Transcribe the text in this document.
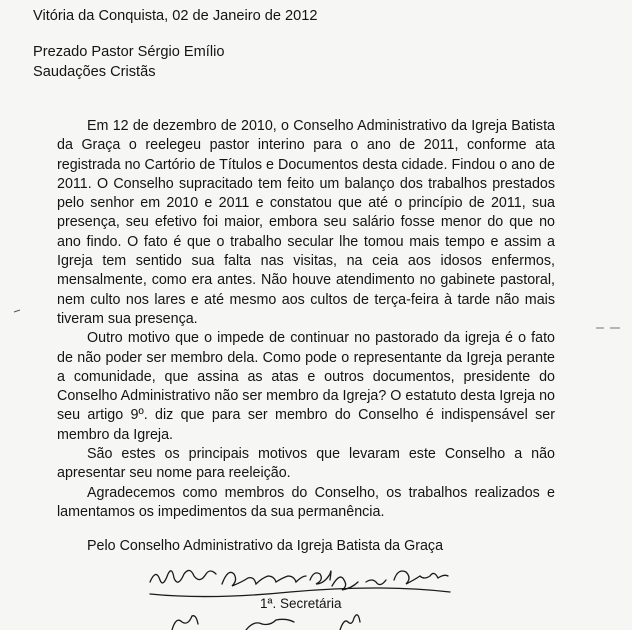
Vitória da Conquista, 02 de Janeiro de 2012
Prezado Pastor Sérgio Emílio
Saudações Cristãs

Em 12 de dezembro de 2010, o Conselho Administrativo da Igreja Batista da Graça o reelegeu pastor interino para o ano de 2011, conforme ata registrada no Cartório de Títulos e Documentos desta cidade. Findou o ano de 2011. O Conselho supracitado tem feito um balanço dos trabalhos prestados pelo senhor em 2010 e 2011 e constatou que até o princípio de 2011, sua presença, seu efetivo foi maior, embora seu salário fosse menor do que no ano findo. O fato é que o trabalho secular lhe tomou mais tempo e assim a Igreja tem sentido sua falta nas visitas, na ceia aos idosos enfermos, mensalmente, como era antes. Não houve atendimento no gabinete pastoral, nem culto nos lares e até mesmo aos cultos de terça-feira à tarde não mais tiveram sua presença.

Outro motivo que o impede de continuar no pastorado da igreja é o fato de não poder ser membro dela. Como pode o representante da Igreja perante a comunidade, que assina as atas e outros documentos, presidente do Conselho Administrativo não ser membro da Igreja? O estatuto desta Igreja no seu artigo 9º. diz que para ser membro do Conselho é indispensável ser membro da Igreja.

São estes os principais motivos que levaram este Conselho a não apresentar seu nome para reeleição.

Agradecemos como membros do Conselho, os trabalhos realizados e lamentamos os impedimentos da sua permanência.

Pelo Conselho Administrativo da Igreja Batista da Graça
1ª. Secretária
